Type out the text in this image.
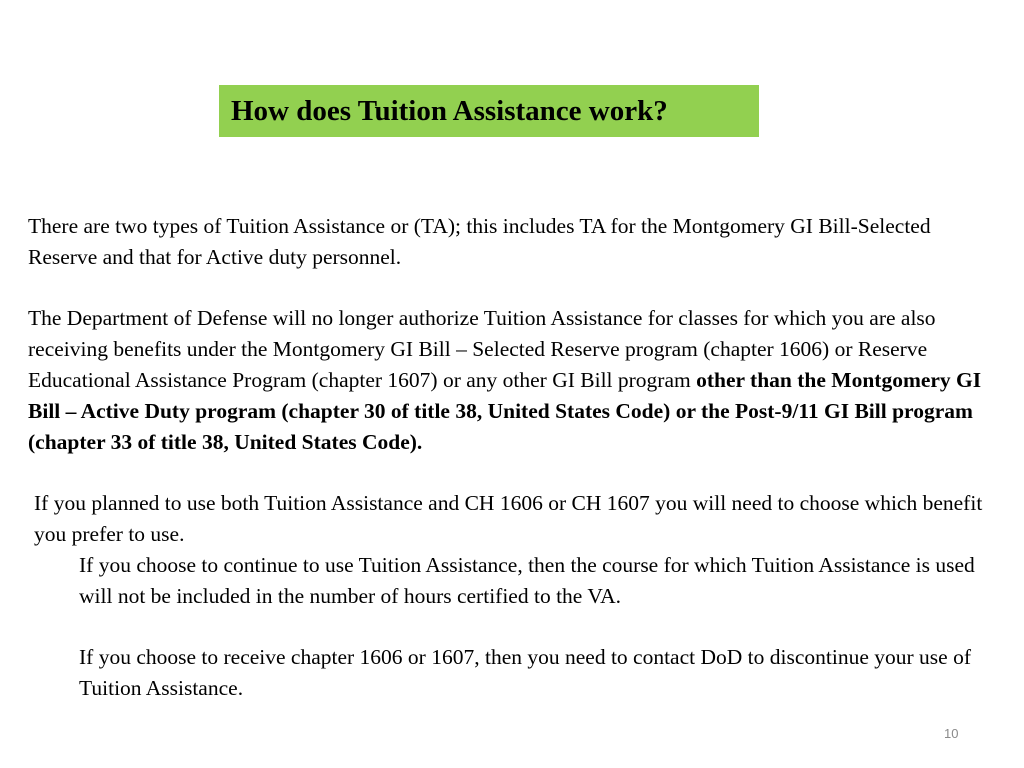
How does Tuition Assistance work?

There are two types of Tuition Assistance or (TA); this includes TA for the Montgomery GI Bill-Selected Reserve and that for Active duty personnel.

The Department of Defense will no longer authorize Tuition Assistance for classes for which you are also receiving benefits under the Montgomery GI Bill – Selected Reserve program (chapter 1606) or Reserve Educational Assistance Program (chapter 1607) or any other GI Bill program other than the Montgomery GI Bill – Active Duty program (chapter 30 of title 38, United States Code) or the Post-9/11 GI Bill program (chapter 33 of title 38, United States Code).

If you planned to use both Tuition Assistance and CH 1606 or CH 1607 you will need to choose which benefit you prefer to use.

If you choose to continue to use Tuition Assistance, then the course for which Tuition Assistance is used will not be included in the number of hours certified to the VA.

If you choose to receive chapter 1606 or 1607, then you need to contact DoD to discontinue your use of Tuition Assistance.

10
